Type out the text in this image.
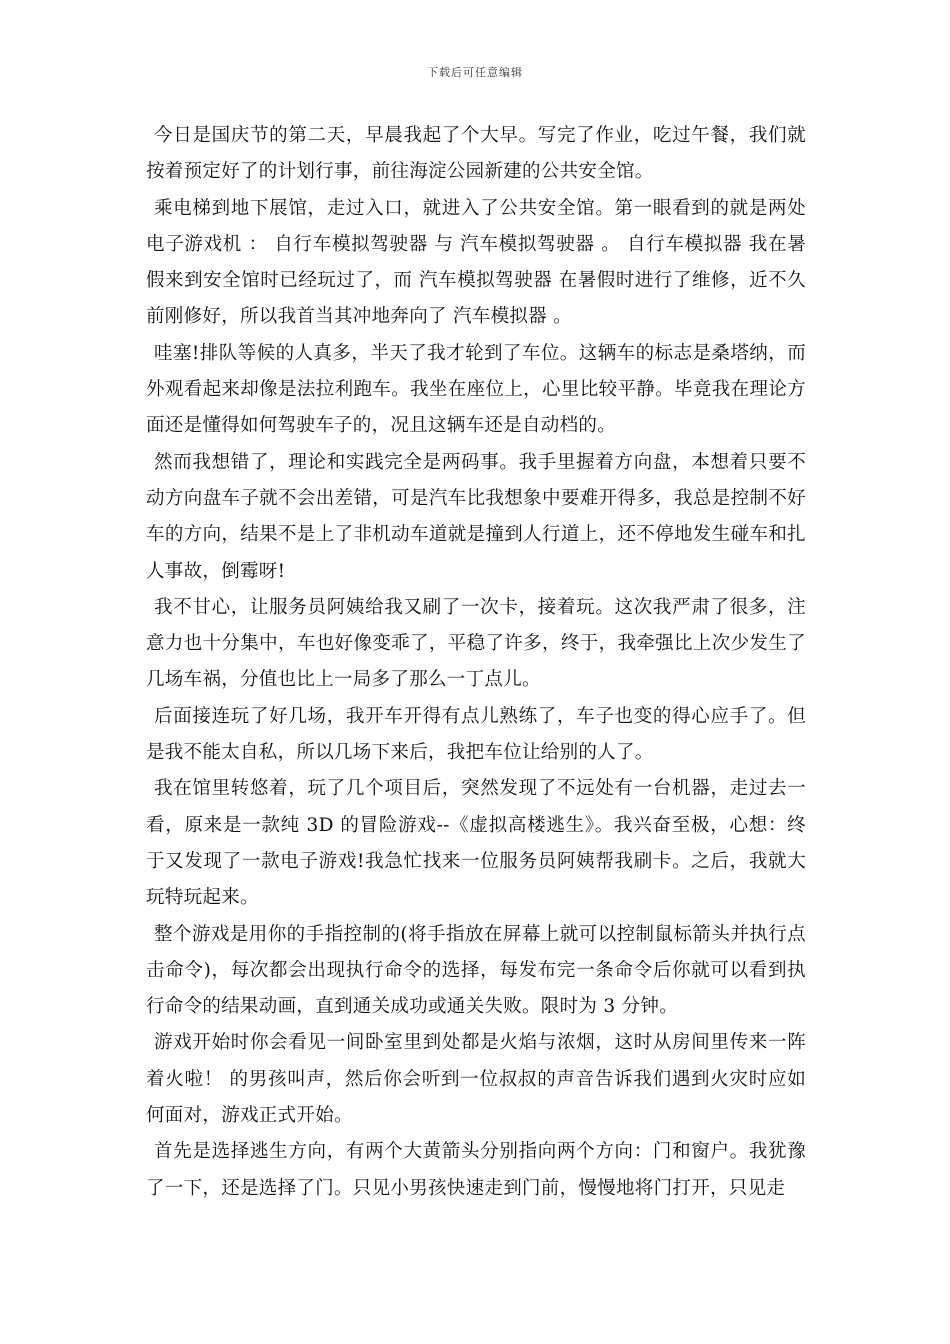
下载后可任意编辑

今日是国庆节的第二天，早晨我起了个大早。写完了作业，吃过午餐，我们就按着预定好了的计划行事，前往海淀公园新建的公共安全馆。

乘电梯到地下展馆，走过入口，就进入了公共安全馆。第一眼看到的就是两处电子游戏机 ： 自行车模拟驾驶器 与 汽车模拟驾驶器 。 自行车模拟器 我在暑假来到安全馆时已经玩过了，而 汽车模拟驾驶器 在暑假时进行了维修，近不久前刚修好，所以我首当其冲地奔向了 汽车模拟器 。

哇塞!排队等候的人真多，半天了我才轮到了车位。这辆车的标志是桑塔纳，而外观看起来却像是法拉利跑车。我坐在座位上，心里比较平静。毕竟我在理论方面还是懂得如何驾驶车子的，况且这辆车还是自动档的。

然而我想错了，理论和实践完全是两码事。我手里握着方向盘，本想着只要不动方向盘车子就不会出差错，可是汽车比我想象中要难开得多，我总是控制不好车的方向，结果不是上了非机动车道就是撞到人行道上，还不停地发生碰车和扎人事故，倒霉呀!

我不甘心，让服务员阿姨给我又刷了一次卡，接着玩。这次我严肃了很多，注意力也十分集中，车也好像变乖了，平稳了许多，终于，我牵强比上次少发生了几场车祸，分值也比上一局多了那么一丁点儿。

后面接连玩了好几场，我开车开得有点儿熟练了，车子也变的得心应手了。但是我不能太自私，所以几场下来后，我把车位让给别的人了。

我在馆里转悠着，玩了几个项目后，突然发现了不远处有一台机器，走过去一看，原来是一款纯 3D 的冒险游戏--《虚拟高楼逃生》。我兴奋至极，心想：终于又发现了一款电子游戏!我急忙找来一位服务员阿姨帮我刷卡。之后，我就大玩特玩起来。

整个游戏是用你的手指控制的(将手指放在屏幕上就可以控制鼠标箭头并执行点击命令)，每次都会出现执行命令的选择，每发布完一条命令后你就可以看到执行命令的结果动画，直到通关成功或通关失败。限时为 3 分钟。

游戏开始时你会看见一间卧室里到处都是火焰与浓烟，这时从房间里传来一阵着火啦！ 的男孩叫声，然后你会听到一位叔叔的声音告诉我们遇到火灾时应如何面对，游戏正式开始。

首先是选择逃生方向，有两个大黄箭头分别指向两个方向：门和窗户。我犹豫了一下，还是选择了门。只见小男孩快速走到门前，慢慢地将门打开，只见走
